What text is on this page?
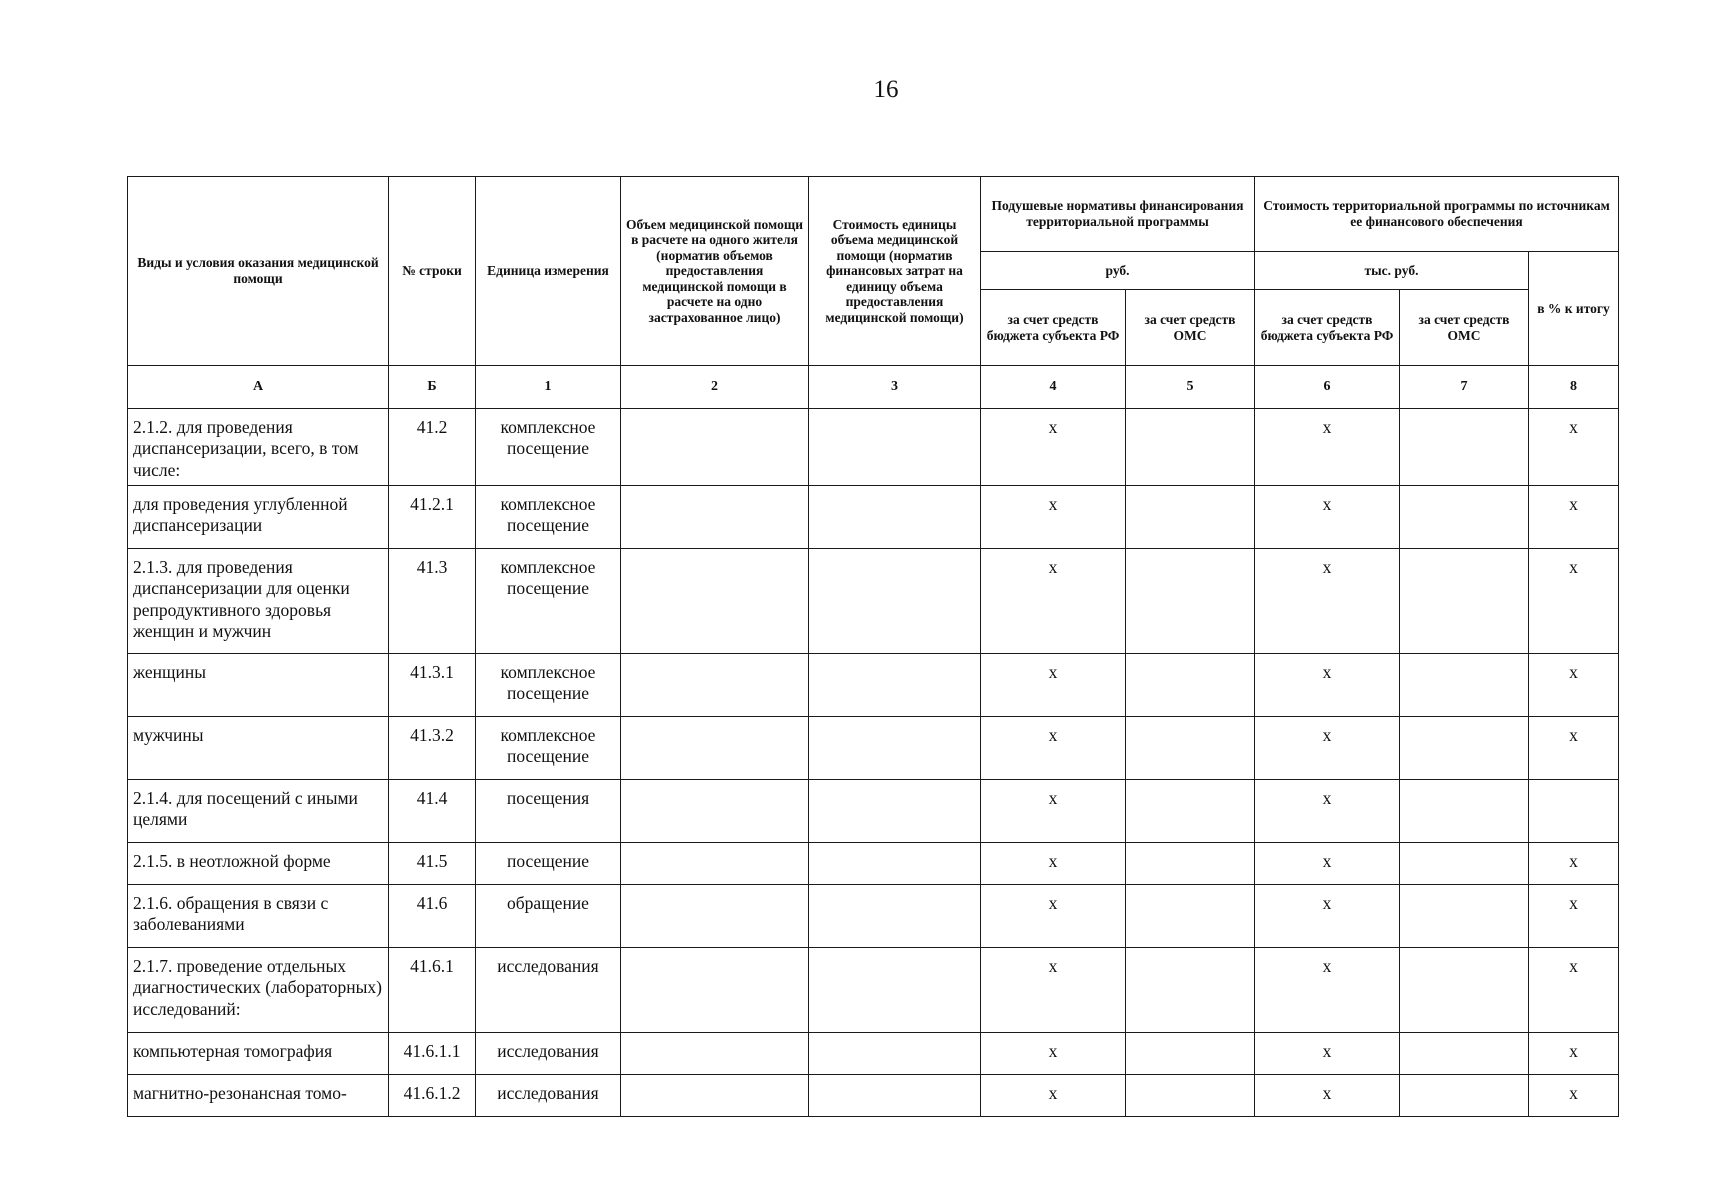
16
Виды и условия оказания медицинской помощи	№ строки	Единица измерения	Объем медицинской помощи в расчете на одного жителя (норматив объемов предоставления медицинской помощи в расчете на одно застрахованное лицо)	Стоимость единицы объема медицинской помощи (норматив финансовых затрат на единицу объема предоставления медицинской помощи)	Подушевые нормативы финансирования территориальной программы		Стоимость территориальной программы по источникам ее финансового обеспечения		
					руб.		тыс. руб.		в % к итогу
					за счет средств бюджета субъекта РФ	за счет средств ОМС	за счет средств бюджета субъекта РФ	за счет средств ОМС	
А	Б	1	2	3	4	5	6	7	8
2.1.2. для проведения диспансеризации, всего, в том числе:	41.2	комплексное посещение			х		х		х
для проведения углубленной диспансеризации	41.2.1	комплексное посещение			х		х		х
2.1.3. для проведения диспансеризации для оценки репродуктивного здоровья женщин и мужчин	41.3	комплексное посещение			х		х		х
женщины	41.3.1	комплексное посещение			х		х		х
мужчины	41.3.2	комплексное посещение			х		х		х
2.1.4. для посещений с иными целями	41.4	посещения			х		х		
2.1.5. в неотложной форме	41.5	посещение			х		х		х
2.1.6. обращения в связи с заболеваниями	41.6	обращение			х		х		х
2.1.7. проведение отдельных диагностических (лабораторных) исследований:	41.6.1	исследования			х		х		х
компьютерная томография	41.6.1.1	исследования			х		х		х
магнитно-резонансная томо-	41.6.1.2	исследования			х		х		х
